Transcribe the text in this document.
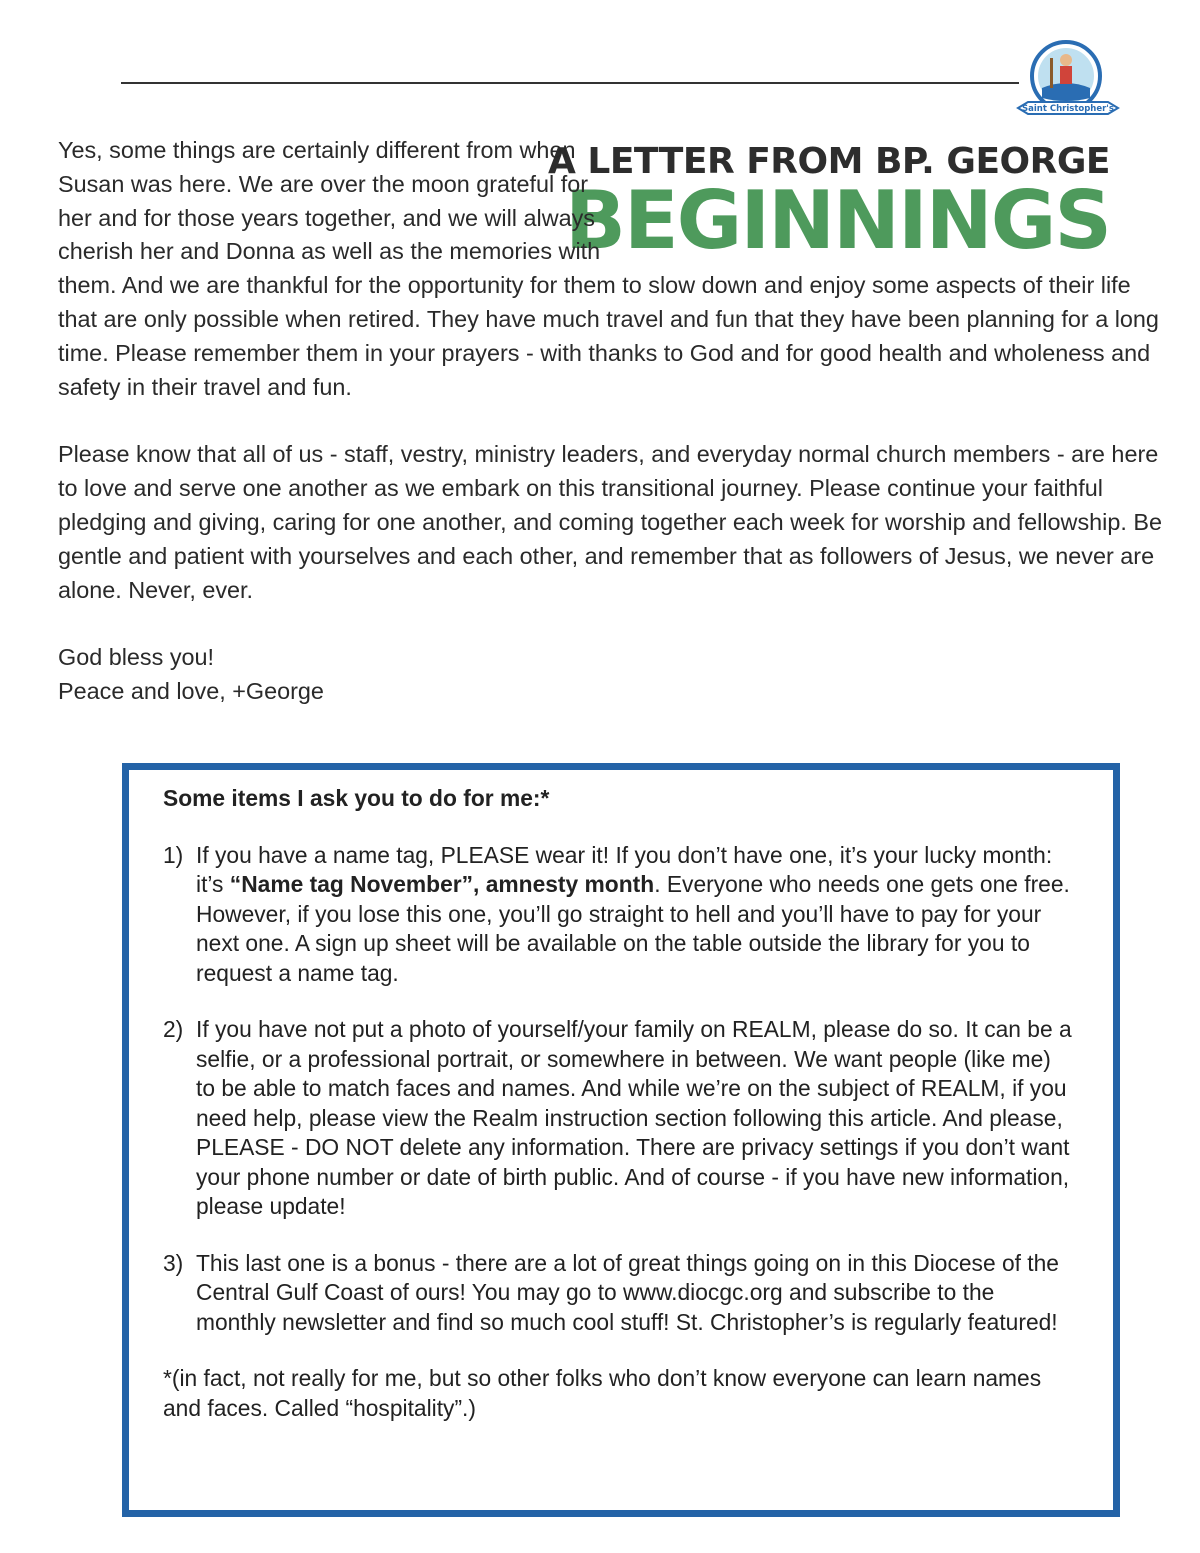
Saint Christopher's
A LETTER FROM BP. GEORGE
BEGINNINGS

Yes, some things are certainly different from when Susan was here. We are over the moon grateful for her and for those years together, and we will always cherish her and Donna as well as the memories with them. And we are thankful for the opportunity for them to slow down and enjoy some aspects of their life that are only possible when retired. They have much travel and fun that they have been planning for a long time. Please remember them in your prayers - with thanks to God and for good health and wholeness and safety in their travel and fun.

Please know that all of us - staff, vestry, ministry leaders, and everyday normal church members - are here to love and serve one another as we embark on this transitional journey. Please continue your faithful pledging and giving, caring for one another, and coming together each week for worship and fellowship. Be gentle and patient with yourselves and each other, and remember that as followers of Jesus, we never are alone. Never, ever.

God bless you!

Peace and love, +George

Some items I ask you to do for me:*
1) If you have a name tag, PLEASE wear it! If you don’t have one, it’s your lucky month: it’s “Name tag November”, amnesty month. Everyone who needs one gets one free. However, if you lose this one, you’ll go straight to hell and you’ll have to pay for your next one. A sign up sheet will be available on the table outside the library for you to request a name tag.
2) If you have not put a photo of yourself/your family on REALM, please do so. It can be a selfie, or a professional portrait, or somewhere in between. We want people (like me) to be able to match faces and names. And while we’re on the subject of REALM, if you need help, please view the Realm instruction section following this article. And please, PLEASE - DO NOT delete any information. There are privacy settings if you don’t want your phone number or date of birth public. And of course - if you have new information, please update!
3) This last one is a bonus - there are a lot of great things going on in this Diocese of the Central Gulf Coast of ours! You may go to www.diocgc.org and subscribe to the monthly newsletter and find so much cool stuff! St. Christopher’s is regularly featured!
*(in fact, not really for me, but so other folks who don’t know everyone can learn names and faces. Called “hospitality”.)
